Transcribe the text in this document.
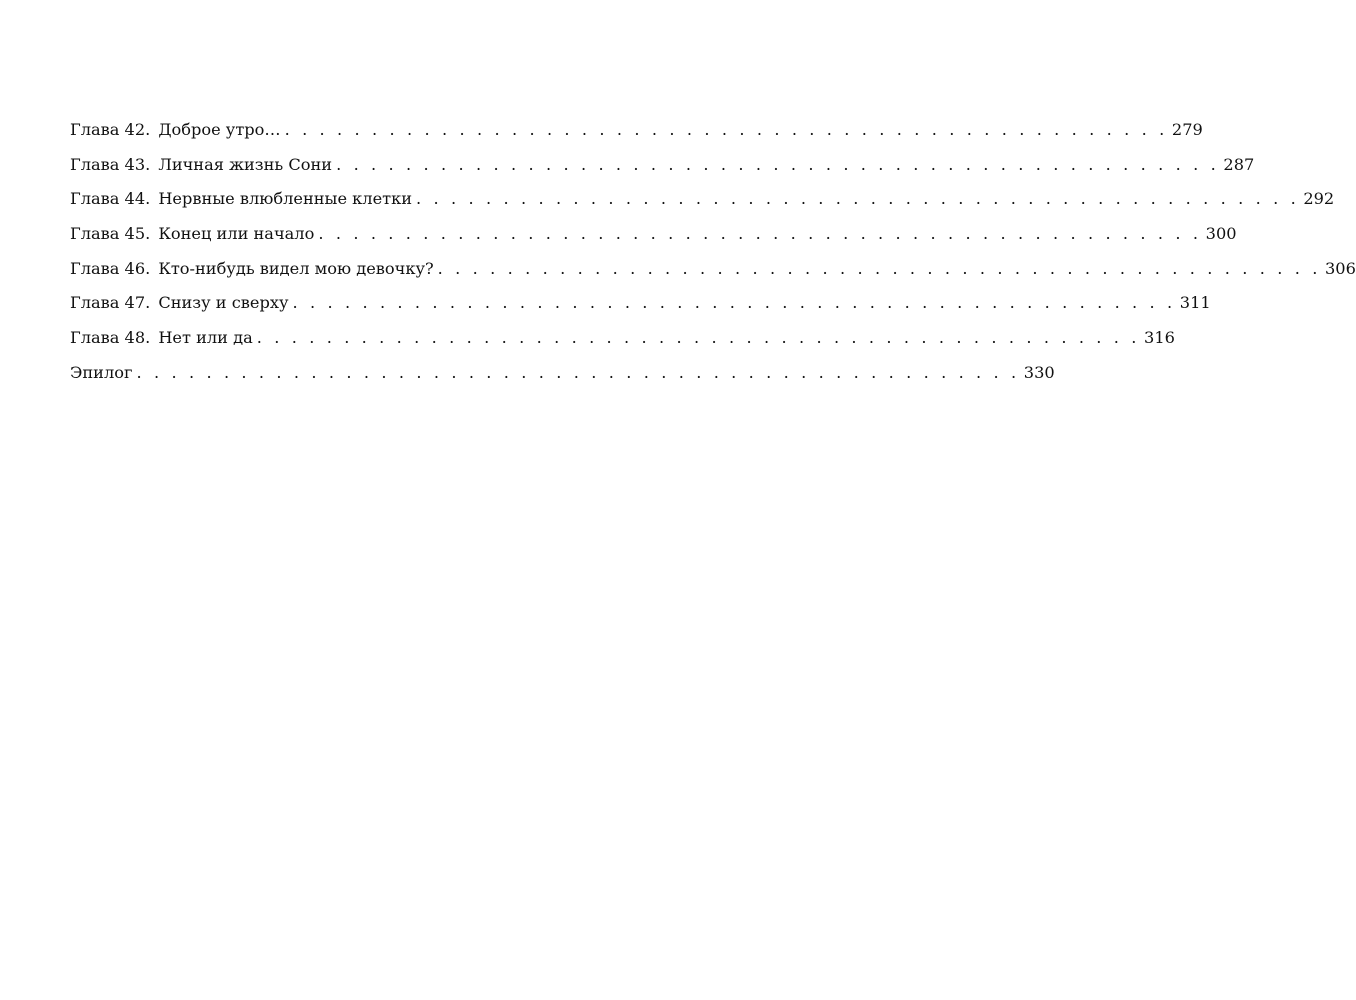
Глава 42. Доброе утро… . . . . . . . . . . . . . . . . . . . . . . . . . . . . . . . . . . . . . . . . . . . . . . . . . . . 279
Глава 43. Личная жизнь Сони . . . . . . . . . . . . . . . . . . . . . . . . . . . . . . . . . . . . . . . . . . . . . . . . . . . 287
Глава 44. Нервные влюбленные клетки . . . . . . . . . . . . . . . . . . . . . . . . . . . . . . . . . . . . . . . . . . . . . . . . . . . 292
Глава 45. Конец или начало . . . . . . . . . . . . . . . . . . . . . . . . . . . . . . . . . . . . . . . . . . . . . . . . . . . 300
Глава 46. Кто-нибудь видел мою девочку? . . . . . . . . . . . . . . . . . . . . . . . . . . . . . . . . . . . . . . . . . . . . . . . . . . . 306
Глава 47. Снизу и сверху . . . . . . . . . . . . . . . . . . . . . . . . . . . . . . . . . . . . . . . . . . . . . . . . . . . 311
Глава 48. Нет или да . . . . . . . . . . . . . . . . . . . . . . . . . . . . . . . . . . . . . . . . . . . . . . . . . . . 316
Эпилог . . . . . . . . . . . . . . . . . . . . . . . . . . . . . . . . . . . . . . . . . . . . . . . . . . . 330
